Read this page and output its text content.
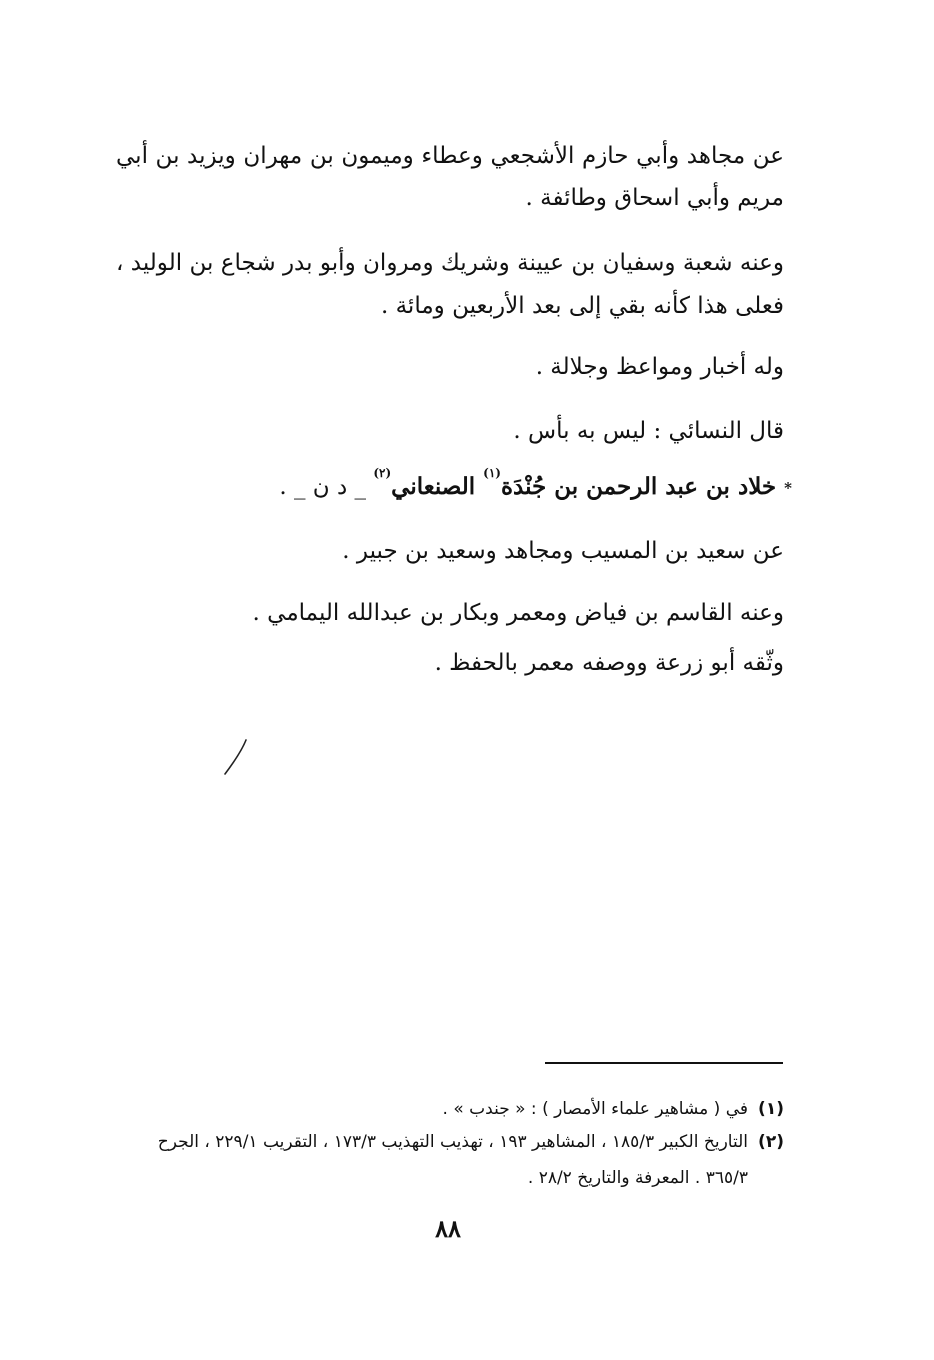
عن مجاهد وأبي حازم الأشجعي وعطاء وميمون بن مهران ويزيد بن أبي
مريم وأبي اسحاق وطائفة .
وعنه شعبة وسفيان بن عيينة وشريك ومروان وأبو بدر شجاع بن الوليد ،
فعلى هذا كأنه بقي إلى بعد الأربعين ومائة .
وله أخبار ومواعظ وجلالة .
قال النسائي : ليس به بأس .
*خلاد بن عبد الرحمن بن جُنْدَة$^{(١)}$ الصنعاني$^{(٢)}$ _ د ن _ .
عن سعيد بن المسيب ومجاهد وسعيد بن جبير .
وعنه القاسم بن فياض ومعمر وبكار بن عبدالله اليمامي .
وثّقه أبو زرعة ووصفه معمر بالحفظ .
(١)في ( مشاهير علماء الأمصار ) : « جندب » .
(٢)التاريخ الكبير ١٨٥/٣ ، المشاهير ١٩٣ ، تهذيب التهذيب ١٧٣/٣ ، التقريب ٢٢٩/١ ، الجرح
٣٦٥/٣ . المعرفة والتاريخ ٢٨/٢ .
٨٨
